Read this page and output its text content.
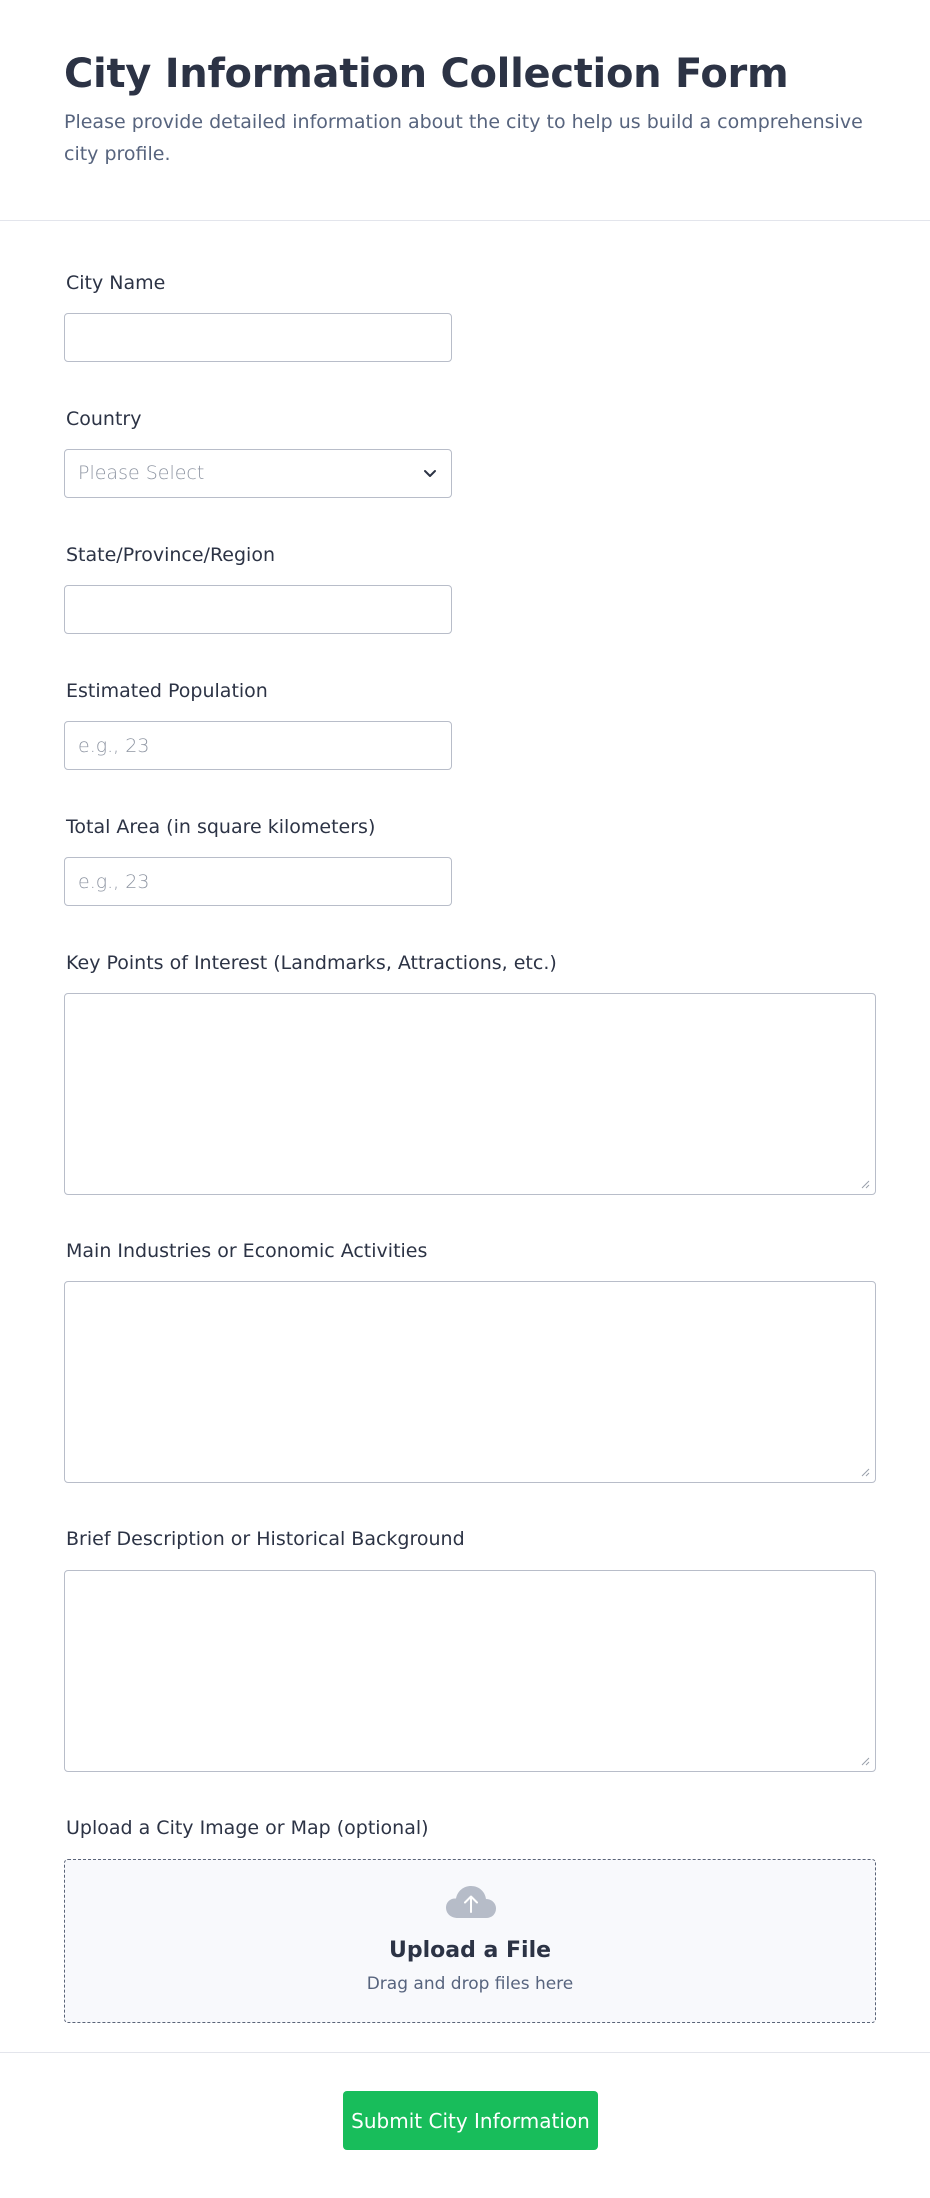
City Information Collection Form

Please provide detailed information about the city to help us build a comprehensive city profile.

City Name
Country
Please Select
State/Province/Region
Estimated Population
e.g., 23
Total Area (in square kilometers)
e.g., 23
Key Points of Interest (Landmarks, Attractions, etc.)
Main Industries or Economic Activities
Brief Description or Historical Background
Upload a City Image or Map (optional)
Upload a File
Drag and drop files here
Submit City Information
